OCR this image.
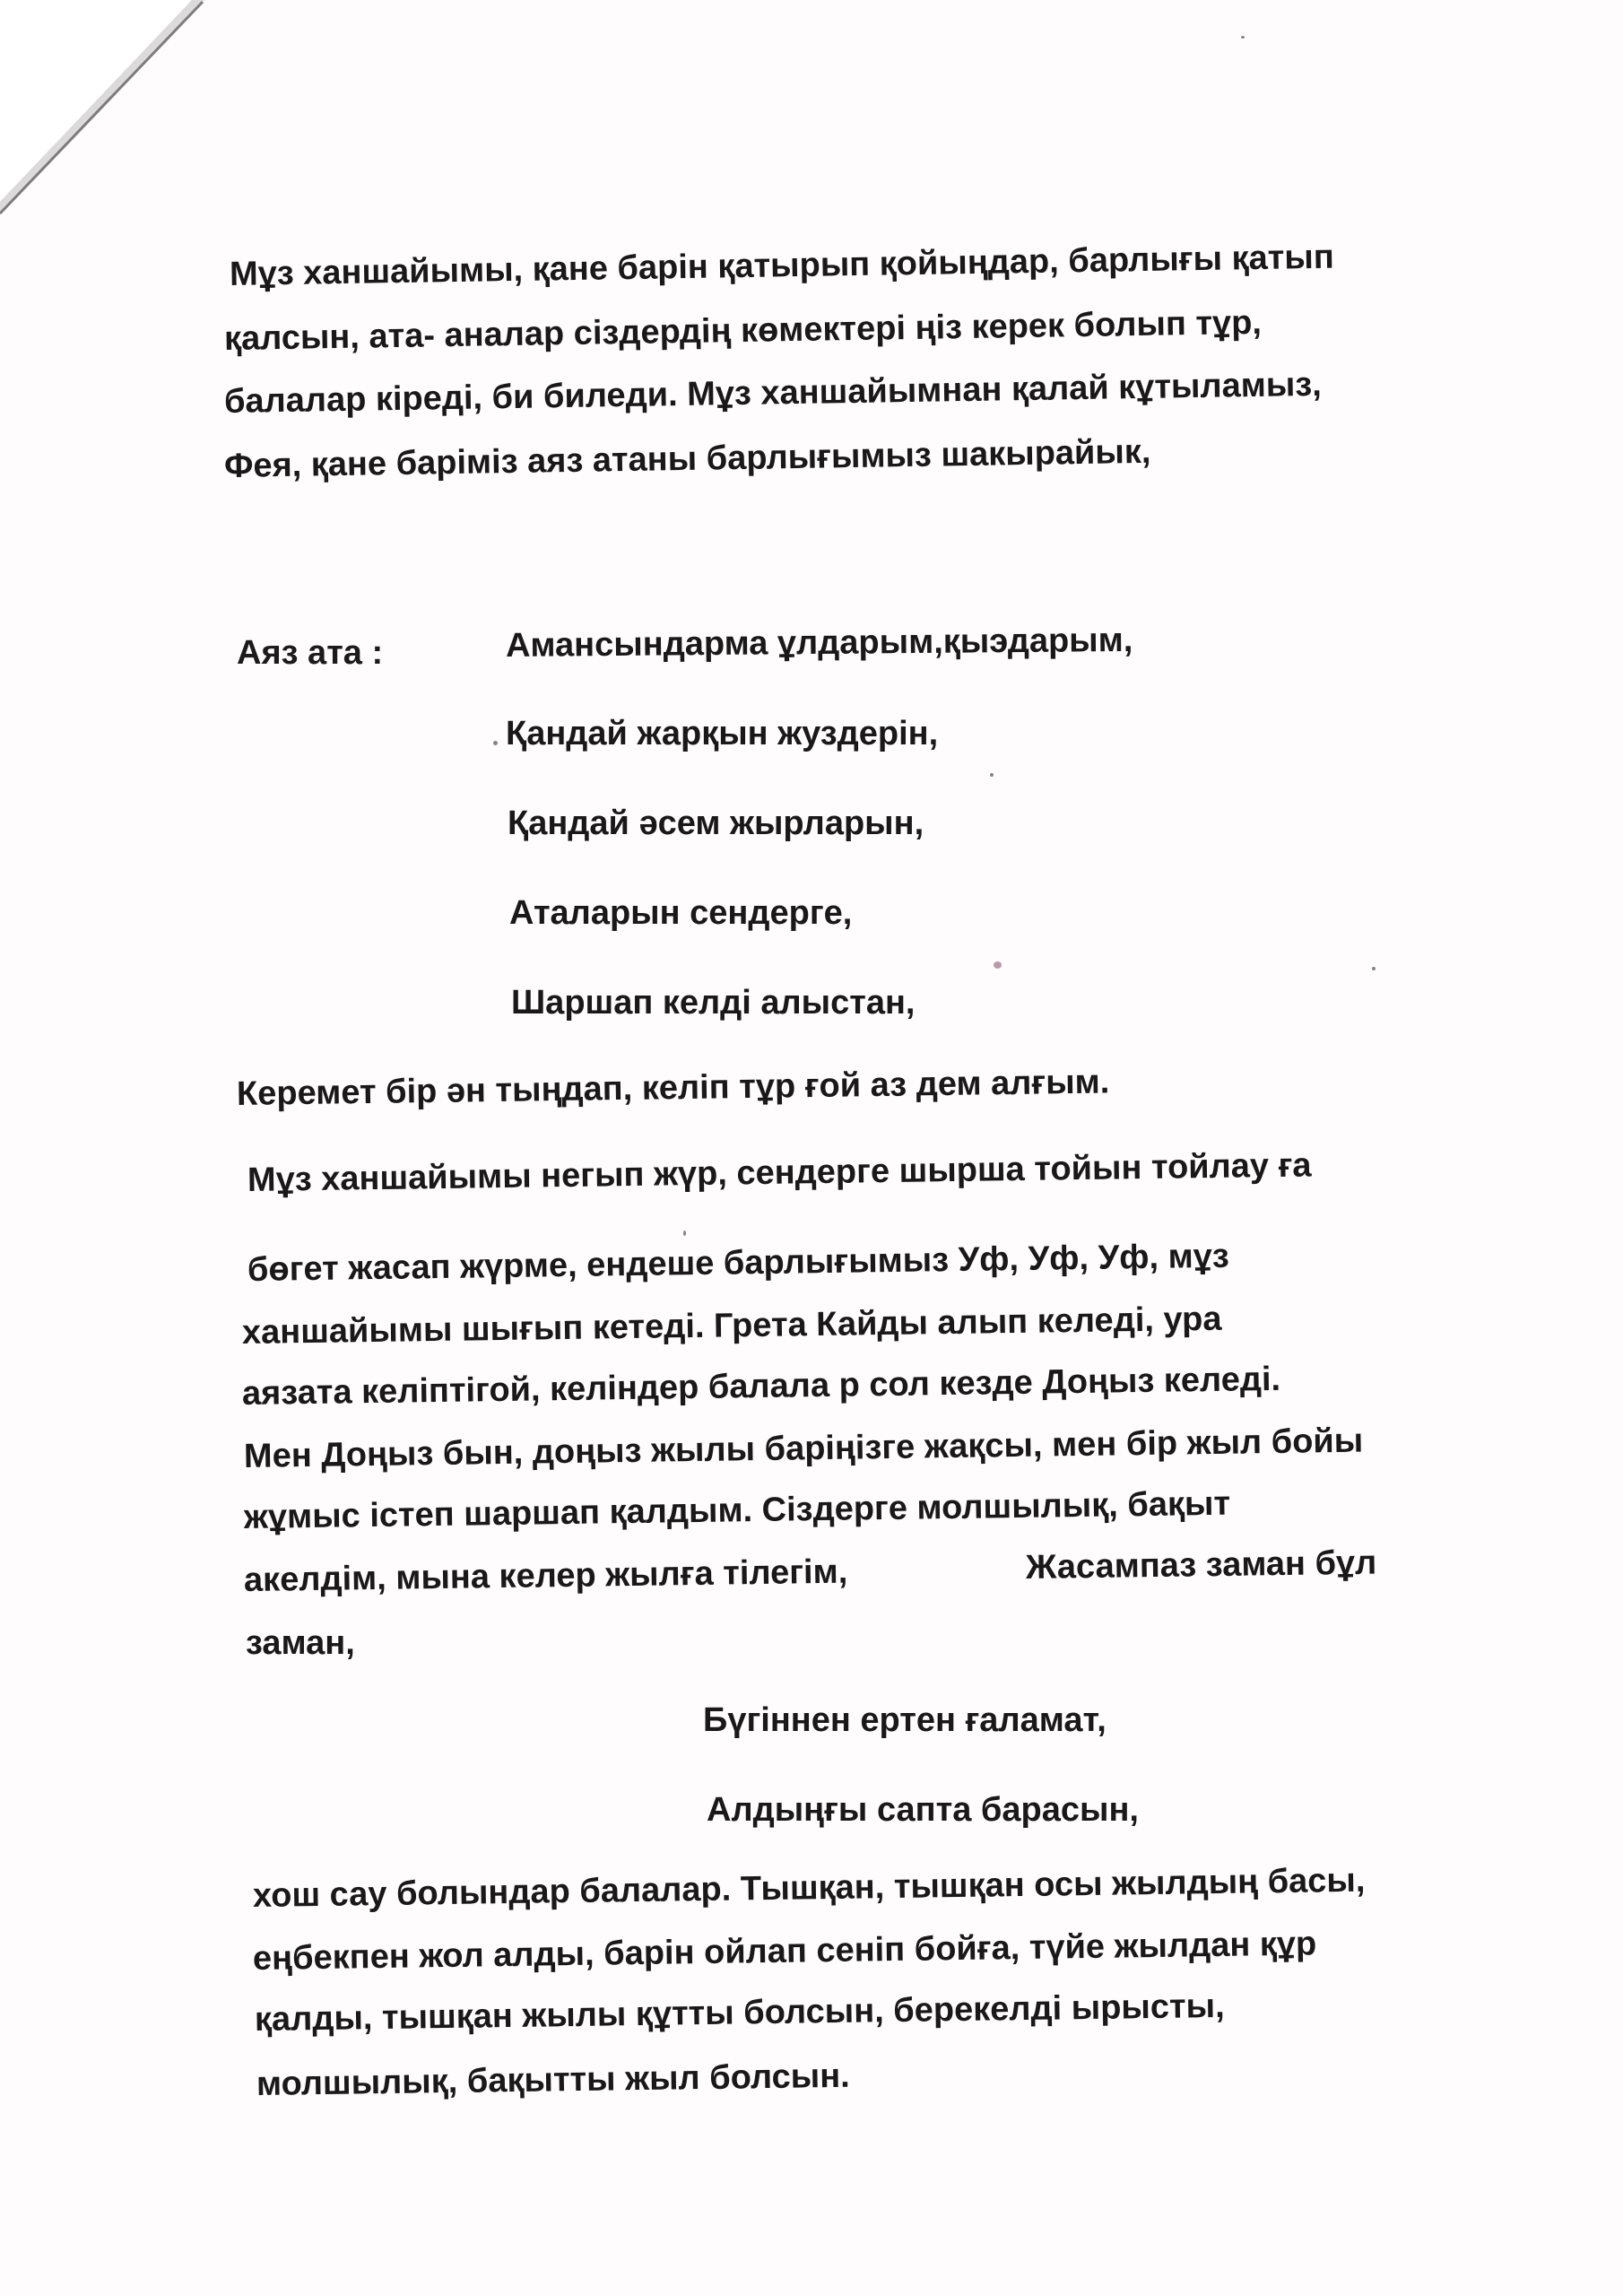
Мұз ханшайымы, қане барін қатырып қойыңдар, барлығы қатып
қалсын, ата- аналар сіздердің көмектері ңіз керек болып тұр,
балалар кіреді, би биледи. Мұз ханшайымнан қалай кұтыламыз,
Фея, қане баріміз аяз атаны барлығымыз шакырайык,
Аяз ата :	Амансындарма ұлдарым,қыэдарым,
Қандай жарқын жуздерін,
Қандай әсем жырларын,
Аталарын сендерге,
Шаршап келді алыстан,
Керемет бір ән тыңдап, келіп тұр ғой аз дем алғым.
Мұз ханшайымы негып жүр, сендерге шырша тойын тойлау ға
бөгет жасап жүрме, ендеше барлығымыз Уф, Уф, Уф, мұз
ханшайымы шығып кетеді. Грета Кайды алып келеді, ура
аязата келіптігой, келіндер балала р сол кезде Доңыз келеді.
Мен Доңыз бын, доңыз жылы баріңізге жақсы, мен бір жыл бойы
жұмыс істеп шаршап қалдым. Сіздерге молшылық, бақыт
акелдім, мына келер жылға тілегім,	Жасампаз заман бұл
заман,
Бүгіннен ертен ғаламат,
Алдыңғы сапта барасын,
хош сау болындар балалар. Тышқан, тышқан осы жылдың басы,
еңбекпен жол алды, барін ойлап сеніп бойға, түйе жылдан құр
қалды, тышқан жылы құтты болсын, берекелді ырысты,
молшылық, бақытты жыл болсын.
